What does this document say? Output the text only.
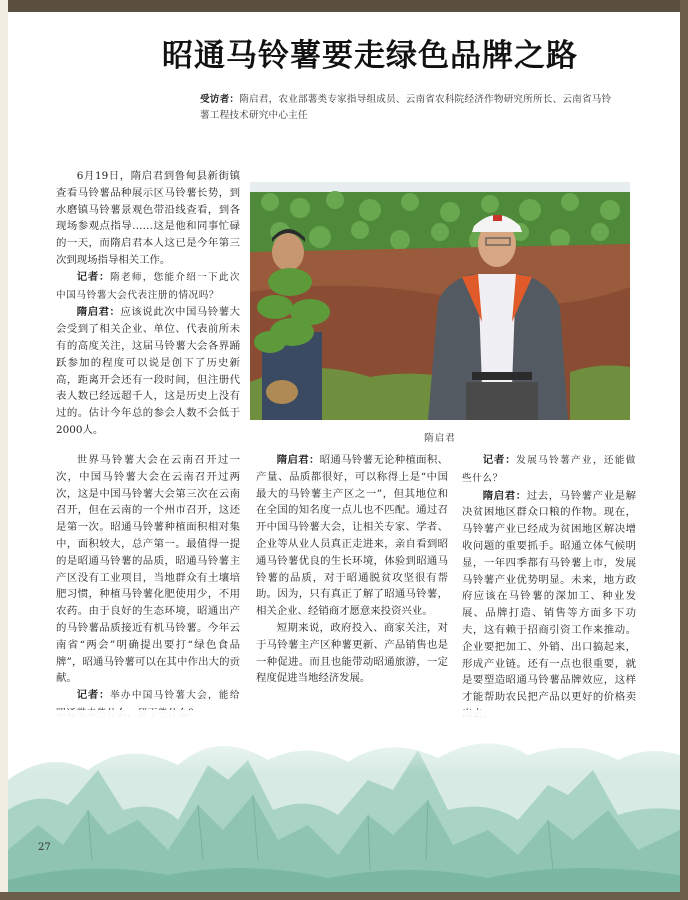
昭通马铃薯要走绿色品牌之路
受访者：隋启君，农业部薯类专家指导组成员、云南省农科院经济作物研究所所长、云南省马铃薯工程技术研究中心主任

6月19日，隋启君到鲁甸县新街镇查看马铃薯品种展示区马铃薯长势，到水磨镇马铃薯景观色带沿线查看，到各现场参观点指导……这是他和同事忙碌的一天，而隋启君本人这已是今年第三次到现场指导相关工作。

记者：隋老师，您能介绍一下此次中国马铃薯大会代表注册的情况吗？

隋启君：应该说此次中国马铃薯大会受到了相关企业、单位、代表前所未有的高度关注，这届马铃薯大会各界踊跃参加的程度可以说是创下了历史新高，距离开会还有一段时间，但注册代表人数已经远超千人，这是历史上没有过的。估计今年总的参会人数不会低于2000人。

隋启君

世界马铃薯大会在云南召开过一次，中国马铃薯大会在云南召开过两次，这是中国马铃薯大会第三次在云南召开，但在云南的一个州市召开，这还是第一次。昭通马铃薯种植面积相对集中，面积较大，总产第一。最值得一提的是昭通马铃薯的品质，昭通马铃薯主产区没有工业项目，当地群众有土壤培肥习惯，种植马铃薯化肥使用少，不用农药。由于良好的生态环境，昭通出产的马铃薯品质接近有机马铃薯。今年云南省“两会”明确提出要打“绿色食品牌”，昭通马铃薯可以在其中作出大的贡献。

记者：举办中国马铃薯大会，能给

隋启君：昭通马铃薯无论种植面积、产量、品质都很好，可以称得上是“中国最大的马铃薯主产区之一”，但其地位和在全国的知名度一点儿也不匹配。通过召开中国马铃薯大会，让相关专家、学者、企业等从业人员真正走进来，亲自看到昭通马铃薯优良的生长环境，体验到昭通马铃薯的品质，对于昭通脱贫攻坚很有帮助。因为，只有真正了解了昭通马铃薯，相关企业、经销商才愿意来投资兴业。

短期来说，政府投入、商家关注，对于马铃薯主产区种薯更新、产品销售也是一种促进。而且也能带动昭通旅游，一定程度促进当地经济发展。

记者：发展马铃薯产业，还能做些什么？

隋启君：过去，马铃薯产业是解决贫困地区群众口粮的作物。现在，马铃薯产业已经成为贫困地区解决增收问题的重要抓手。昭通立体气候明显，一年四季都有马铃薯上市，发展马铃薯产业优势明显。未来，地方政府应该在马铃薯的深加工、种业发展、品牌打造、销售等方面多下功夫，这有赖于招商引资工作来推动。企业要把加工、外销、出口搞起来，形成产业链。还有一点也很重要，就是要塑造昭通马铃薯品牌效应，这样才能帮助农民把产品以更好的价格卖

27
